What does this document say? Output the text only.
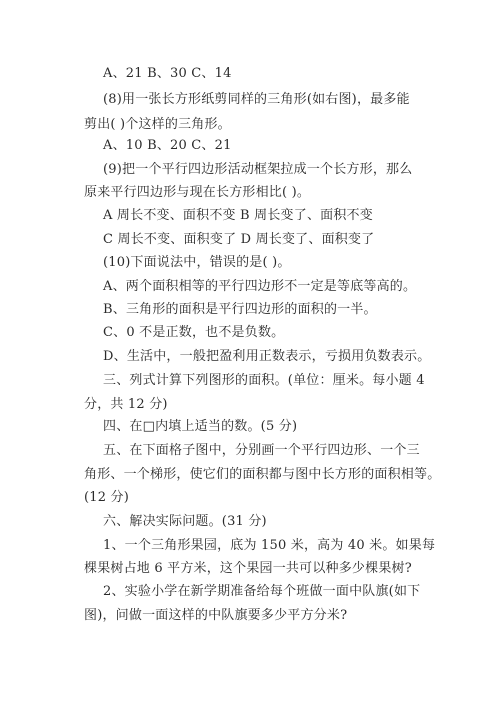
A、21 B、30 C、14
(8)用一张长方形纸剪同样的三角形(如右图)，最多能
剪出( )个这样的三角形。
A、10 B、20 C、21
(9)把一个平行四边形活动框架拉成一个长方形，那么
原来平行四边形与现在长方形相比( )。
A 周长不变、面积不变 B 周长变了、面积不变
C 周长不变、面积变了 D 周长变了、面积变了
(10)下面说法中，错误的是( )。
A、两个面积相等的平行四边形不一定是等底等高的。
B、三角形的面积是平行四边形的面积的一半。
C、0 不是正数，也不是负数。
D、生活中，一般把盈利用正数表示，亏损用负数表示。
三、列式计算下列图形的面积。(单位：厘米。每小题 4
分，共 12 分)
四、在□内填上适当的数。(5 分)
五、在下面格子图中，分别画一个平行四边形、一个三
角形、一个梯形，使它们的面积都与图中长方形的面积相等。
(12 分)
六、解决实际问题。(31 分)
1、一个三角形果园，底为 150 米，高为 40 米。如果每
棵果树占地 6 平方米，这个果园一共可以种多少棵果树?
2、实验小学在新学期准备给每个班做一面中队旗(如下
图)，问做一面这样的中队旗要多少平方分米?
